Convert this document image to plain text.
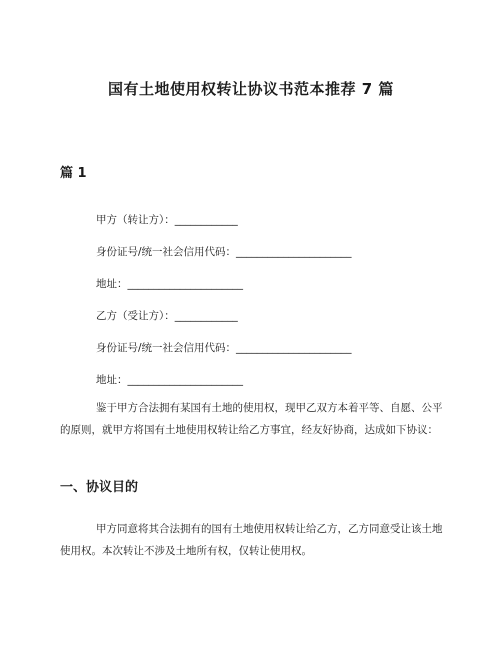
国有土地使用权转让协议书范本推荐 7 篇
篇 1
甲方（转让方）：____________
身份证号/统一社会信用代码：______________________
地址：______________________
乙方（受让方）：____________
身份证号/统一社会信用代码：______________________
地址：______________________

鉴于甲方合法拥有某国有土地的使用权，现甲乙双方本着平等、自愿、公平的原则，就甲方将国有土地使用权转让给乙方事宜，经友好协商，达成如下协议：

一、协议目的

甲方同意将其合法拥有的国有土地使用权转让给乙方，乙方同意受让该土地使用权。本次转让不涉及土地所有权，仅转让使用权。
